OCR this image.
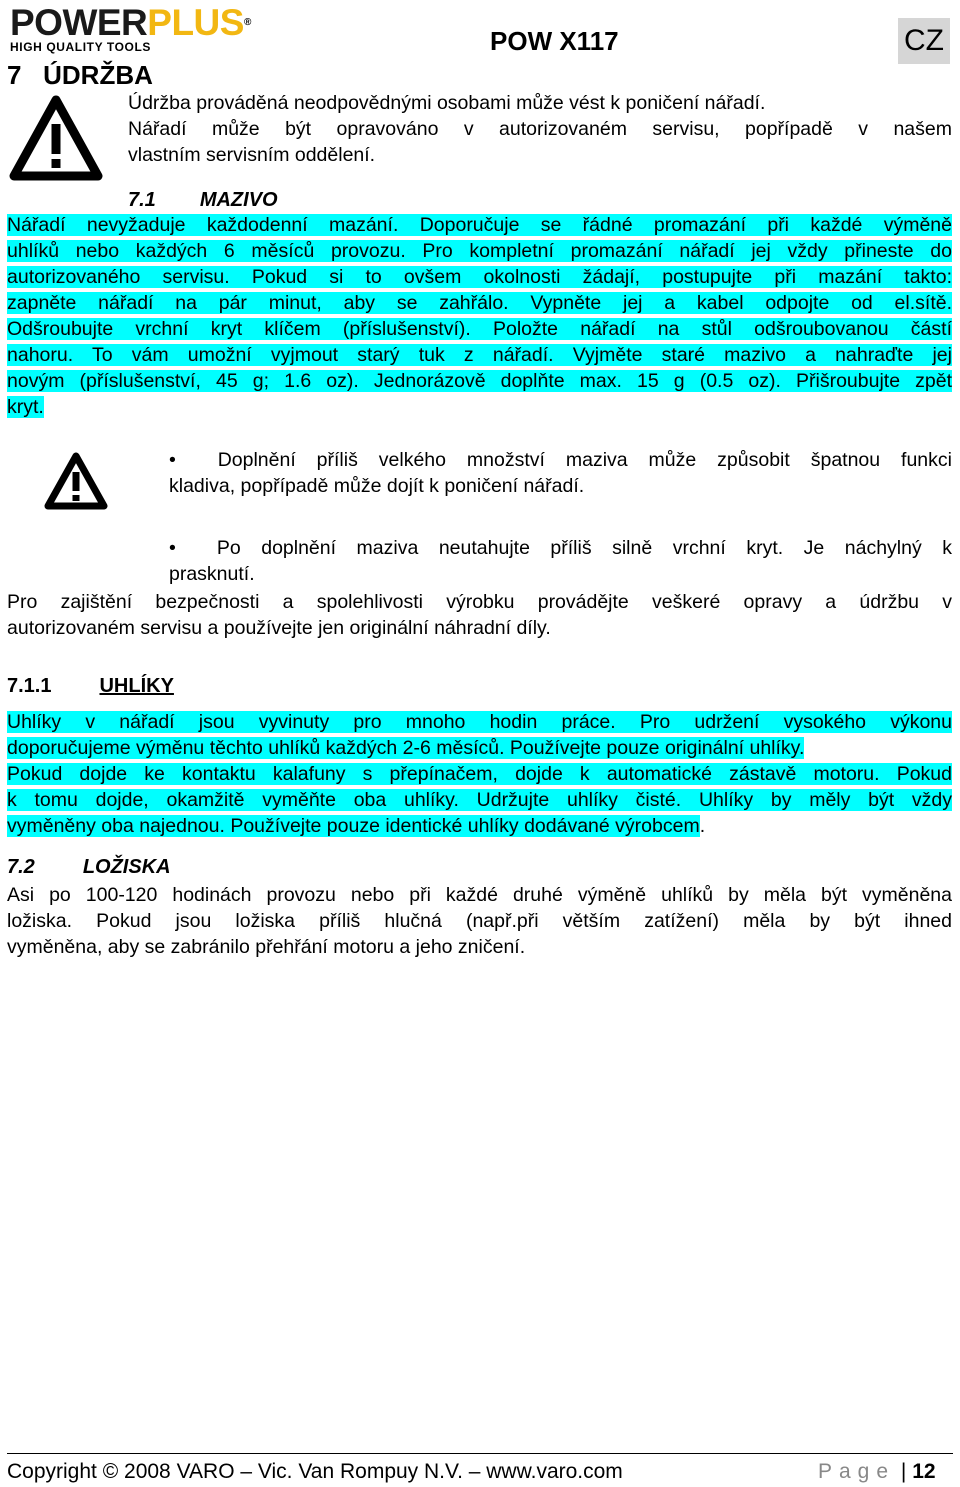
POWERPLUS®
HIGH QUALITY TOOLS	POW X117	CZ
7   ÚDRŽBA
Údržba prováděná neodpovědnými osobami může vést k poničení nářadí.
Nářadí může být opravováno v autorizovaném servisu, popřípadě v našem
vlastním servisním oddělení.
7.1 MAZIVO
Nářadí nevyžaduje každodenní mazání. Doporučuje se řádné promazání při každé výměně
uhlíků nebo každých 6 měsíců provozu. Pro kompletní promazání nářadí jej vždy přineste do
autorizovaného servisu. Pokud si to ovšem okolnosti žádají, postupujte při mazání takto:
zapněte nářadí na pár minut, aby se zahřálo. Vypněte jej a kabel odpojte od el.sítě.
Odšroubujte vrchní kryt klíčem (příslušenství). Položte nářadí na stůl odšroubovanou částí
nahoru. To vám umožní vyjmout starý tuk z nářadí. Vyjměte staré mazivo a nahraďte jej
novým (příslušenství, 45 g; 1.6 oz). Jednorázově doplňte max. 15 g (0.5 oz). Přišroubujte zpět
kryt.
•  Doplnění příliš velkého množství maziva může způsobit špatnou funkci
kladiva, popřípadě může dojít k poničení nářadí.
•  Po doplnění maziva neutahujte příliš silně vrchní kryt. Je náchylný k
prasknutí.
Pro zajištění bezpečnosti a spolehlivosti výrobku provádějte veškeré opravy a údržbu v
autorizovaném servisu a používejte jen originální náhradní díly.
7.1.1 UHLÍKY
Uhlíky v nářadí jsou vyvinuty pro mnoho hodin práce. Pro udržení vysokého výkonu
doporučujeme výměnu těchto uhlíků každých 2-6 měsíců. Používejte pouze originální uhlíky.
Pokud dojde ke kontaktu kalafuny s přepínačem, dojde k automatické zástavě motoru. Pokud
k tomu dojde, okamžitě vyměňte oba uhlíky. Udržujte uhlíky čisté. Uhlíky by měly být vždy
vyměněny oba najednou. Používejte pouze identické uhlíky dodávané výrobcem.
7.2 LOŽISKA
Asi po 100-120 hodinách provozu nebo při každé druhé výměně uhlíků by měla být vyměněna
ložiska. Pokud jsou ložiska příliš hlučná (např.při větším zatížení) měla by být ihned
vyměněna, aby se zabránilo přehřání motoru a jeho zničení.
Copyright © 2008 VARO – Vic. Van Rompuy N.V. – www.varo.com	Page | 12
